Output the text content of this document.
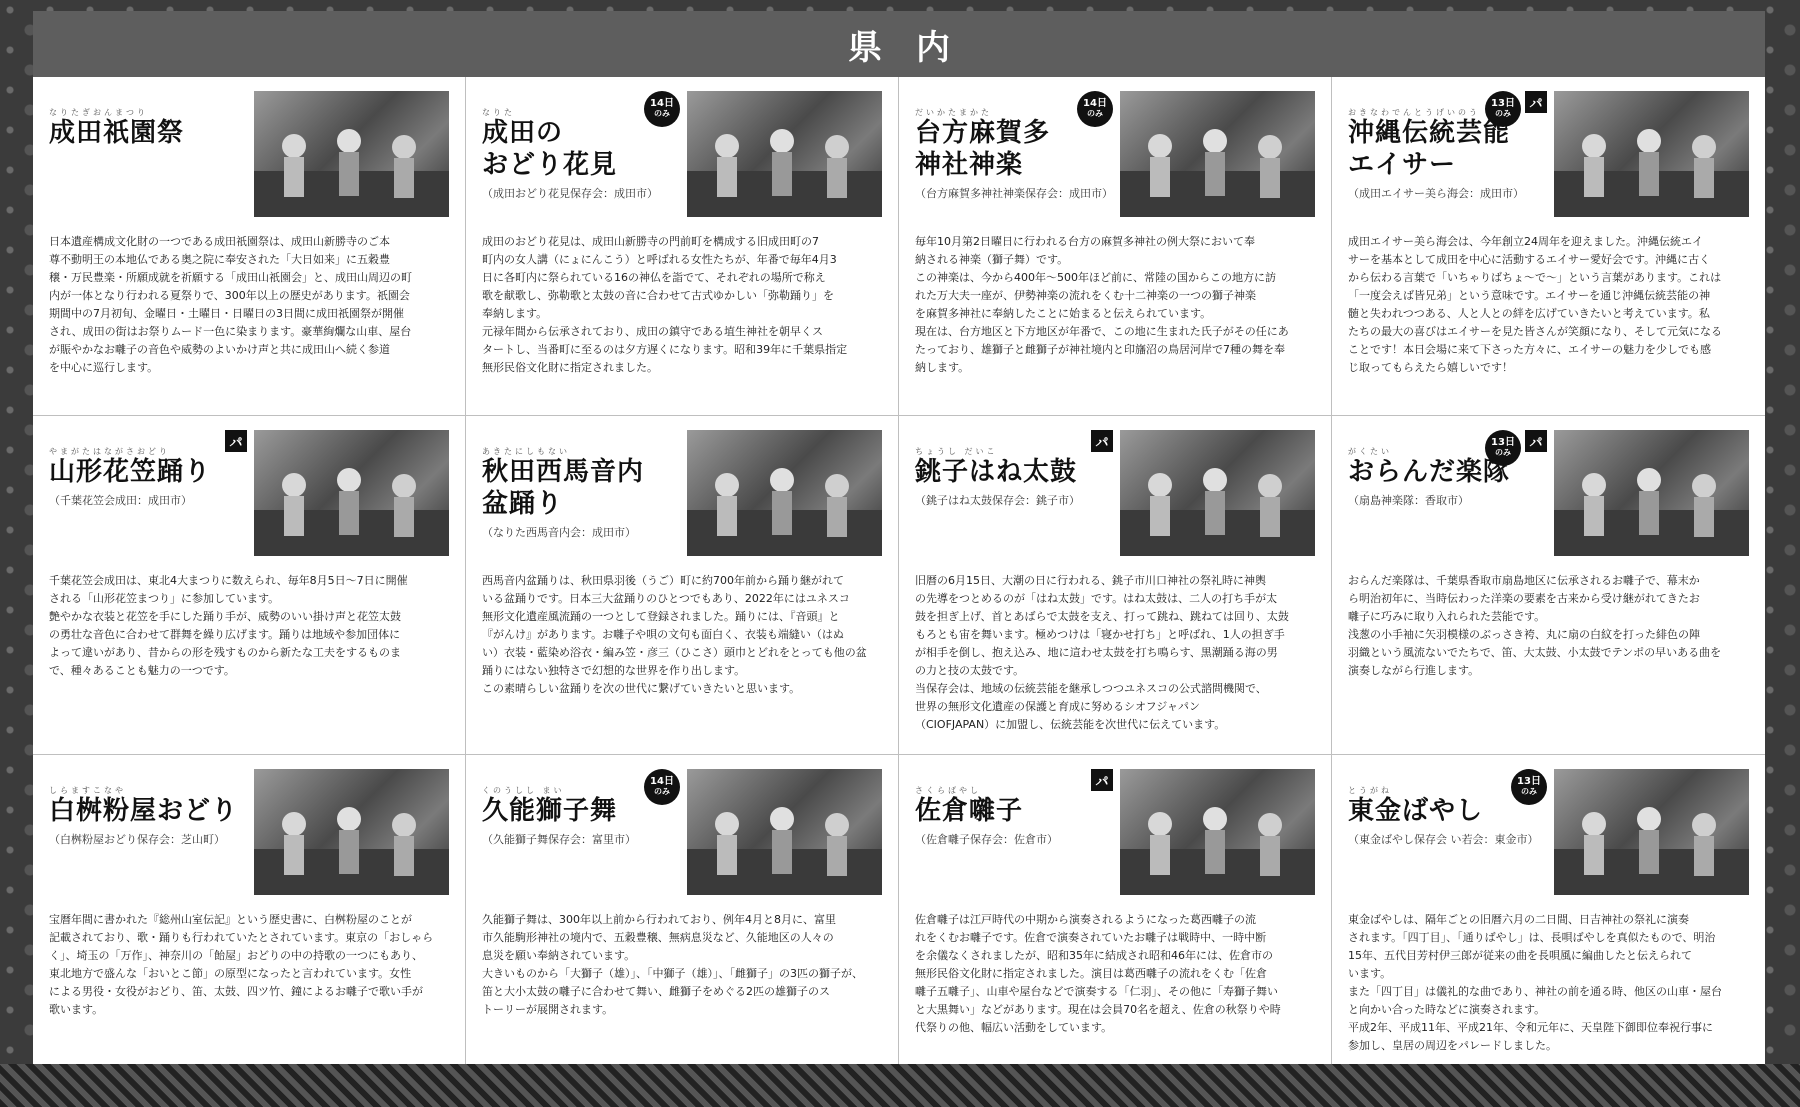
県内
なりたぎおんまつり
成田祇園祭
日本遺産構成文化財の一つである成田祇園祭は、成田山新勝寺のご本
尊不動明王の本地仏である奥之院に奉安された「大日如来」に五穀豊
穣・万民豊楽・所願成就を祈願する「成田山祇園会」と、成田山周辺の町
内が一体となり行われる夏祭りで、300年以上の歴史があります。祇園会
期間中の7月初旬、金曜日・土曜日・日曜日の3日間に成田祇園祭が開催
され、成田の街はお祭りムード一色に染まります。豪華絢爛な山車、屋台
が賑やかなお囃子の音色や威勢のよいかけ声と共に成田山へ続く参道
を中心に巡行します。
14日
のみ
なりた
成田の
おどり花見
（成田おどり花見保存会：成田市）
成田のおどり花見は、成田山新勝寺の門前町を構成する旧成田町の7
町内の女人講（にょにんこう）と呼ばれる女性たちが、年番で毎年4月3
日に各町内に祭られている16の神仏を詣でて、それぞれの場所で称え
歌を献歌し、弥勒歌と太鼓の音に合わせて古式ゆかしい「弥勒踊り」を
奉納します。
元禄年間から伝承されており、成田の鎮守である埴生神社を朝早くス
タートし、当番町に至るのは夕方遅くになります。昭和39年に千葉県指定
無形民俗文化財に指定されました。
14日
のみ
だいかたまかた
台方麻賀多
神社神楽
（台方麻賀多神社神楽保存会：成田市）
毎年10月第2日曜日に行われる台方の麻賀多神社の例大祭において奉
納される神楽（獅子舞）です。
この神楽は、今から400年〜500年ほど前に、常陸の国からこの地方に訪
れた万大夫一座が、伊勢神楽の流れをくむ十二神楽の一つの獅子神楽
を麻賀多神社に奉納したことに始まると伝えられています。
現在は、台方地区と下方地区が年番で、この地に生まれた氏子がその任にあ
たっており、雄獅子と雌獅子が神社境内と印旛沼の鳥居河岸で7種の舞を奉
納します。
13日
のみ
パ
おきなわでんとうげいのう
沖縄伝統芸能
エイサー
（成田エイサー美ら海会：成田市）
成田エイサー美ら海会は、今年創立24周年を迎えました。沖縄伝統エイ
サーを基本として成田を中心に活動するエイサー愛好会です。沖縄に古く
から伝わる言葉で「いちゃりばちょ〜で〜」という言葉があります。これは
「一度会えば皆兄弟」という意味です。エイサーを通じ沖縄伝統芸能の神
髄と失われつつある、人と人との絆を広げていきたいと考えています。私
たちの最大の喜びはエイサーを見た皆さんが笑顔になり、そして元気になる
ことです！本日会場に来て下さった方々に、エイサーの魅力を少しでも感
じ取ってもらえたら嬉しいです！
パ
やまがたはながさおどり
山形花笠踊り
（千葉花笠会成田：成田市）
千葉花笠会成田は、東北4大まつりに数えられ、毎年8月5日〜7日に開催
される「山形花笠まつり」に参加しています。
艶やかな衣装と花笠を手にした踊り手が、威勢のいい掛け声と花笠太鼓
の勇壮な音色に合わせて群舞を繰り広げます。踊りは地域や参加団体に
よって違いがあり、昔からの形を残すものから新たな工夫をするものま
で、種々あることも魅力の一つです。
あきたにしもない
秋田西馬音内
盆踊り
（なりた西馬音内会：成田市）
西馬音内盆踊りは、秋田県羽後（うご）町に約700年前から踊り継がれて
いる盆踊りです。日本三大盆踊りのひとつでもあり、2022年にはユネスコ
無形文化遺産風流踊の一つとして登録されました。踊りには、『音頭』と
『がんけ』があります。お囃子や唄の文句も面白く、衣装も端縫い（はぬ
い）衣装・藍染め浴衣・編み笠・彦三（ひこさ）頭巾とどれをとっても他の盆
踊りにはない独特さで幻想的な世界を作り出します。
この素晴らしい盆踊りを次の世代に繋げていきたいと思います。
パ
ちょうし だいこ
銚子はね太鼓
（銚子はね太鼓保存会：銚子市）
旧暦の6月15日、大潮の日に行われる、銚子市川口神社の祭礼時に神輿
の先導をつとめるのが「はね太鼓」です。はね太鼓は、二人の打ち手が太
鼓を担ぎ上げ、首とあばらで太鼓を支え、打って跳ね、跳ねては回り、太鼓
もろとも宙を舞います。極めつけは「寝かせ打ち」と呼ばれ、1人の担ぎ手
が相手を倒し、抱え込み、地に這わせ太鼓を打ち鳴らす、黒潮踊る海の男
の力と技の太鼓です。
当保存会は、地域の伝統芸能を継承しつつユネスコの公式諮問機関で、
世界の無形文化遺産の保護と育成に努めるシオフジャパン
（CIOFJAPAN）に加盟し、伝統芸能を次世代に伝えています。
13日
のみ
パ
がくたい
おらんだ楽隊
（扇島神楽隊：香取市）
おらんだ楽隊は、千葉県香取市扇島地区に伝承されるお囃子で、幕末か
ら明治初年に、当時伝わった洋楽の要素を古来から受け継がれてきたお
囃子に巧みに取り入れられた芸能です。
浅葱の小手袖に矢羽模様のぶっさき袴、丸に扇の白紋を打った緋色の陣
羽織という風流ないでたちで、笛、大太鼓、小太鼓でテンポの早いある曲を
演奏しながら行進します。
しらますこなや
白桝粉屋おどり
（白桝粉屋おどり保存会：芝山町）
宝暦年間に書かれた『総州山室伝記』という歴史書に、白桝粉屋のことが
記載されており、歌・踊りも行われていたとされています。東京の「おしゃら
く」、埼玉の「万作」、神奈川の「飴屋」おどりの中の持歌の一つにもあり、
東北地方で盛んな「おいとこ節」の原型になったと言われています。女性
による男役・女役がおどり、笛、太鼓、四ツ竹、鐘によるお囃子で歌い手が
歌います。
14日
のみ
くのうしし まい
久能獅子舞
（久能獅子舞保存会：富里市）
久能獅子舞は、300年以上前から行われており、例年4月と8月に、富里
市久能駒形神社の境内で、五穀豊穣、無病息災など、久能地区の人々の
息災を願い奉納されています。
大きいものから「大獅子（雄）」、「中獅子（雄）」、「雌獅子」の3匹の獅子が、
笛と大小太鼓の囃子に合わせて舞い、雌獅子をめぐる2匹の雄獅子のス
トーリーが展開されます。
パ
さくらばやし
佐倉囃子
（佐倉囃子保存会：佐倉市）
佐倉囃子は江戸時代の中期から演奏されるようになった葛西囃子の流
れをくむお囃子です。佐倉で演奏されていたお囃子は戦時中、一時中断
を余儀なくされましたが、昭和35年に結成され昭和46年には、佐倉市の
無形民俗文化財に指定されました。演目は葛西囃子の流れをくむ「佐倉
囃子五囃子」、山車や屋台などで演奏する「仁羽」、その他に「寿獅子舞い
と大黒舞い」などがあります。現在は会員70名を超え、佐倉の秋祭りや時
代祭りの他、幅広い活動をしています。
13日
のみ
とうがね
東金ばやし
（東金ばやし保存会 い若会：東金市）
東金ばやしは、隔年ごとの旧暦六月の二日間、日吉神社の祭礼に演奏
されます。「四丁目」、「通りばやし」は、長唄ばやしを真似たもので、明治
15年、五代目芳村伊三郎が従来の曲を長唄風に編曲したと伝えられて
います。
また「四丁目」は儀礼的な曲であり、神社の前を通る時、他区の山車・屋台
と向かい合った時などに演奏されます。
平成2年、平成11年、平成21年、令和元年に、天皇陛下御即位奉祝行事に
参加し、皇居の周辺をパレードしました。
